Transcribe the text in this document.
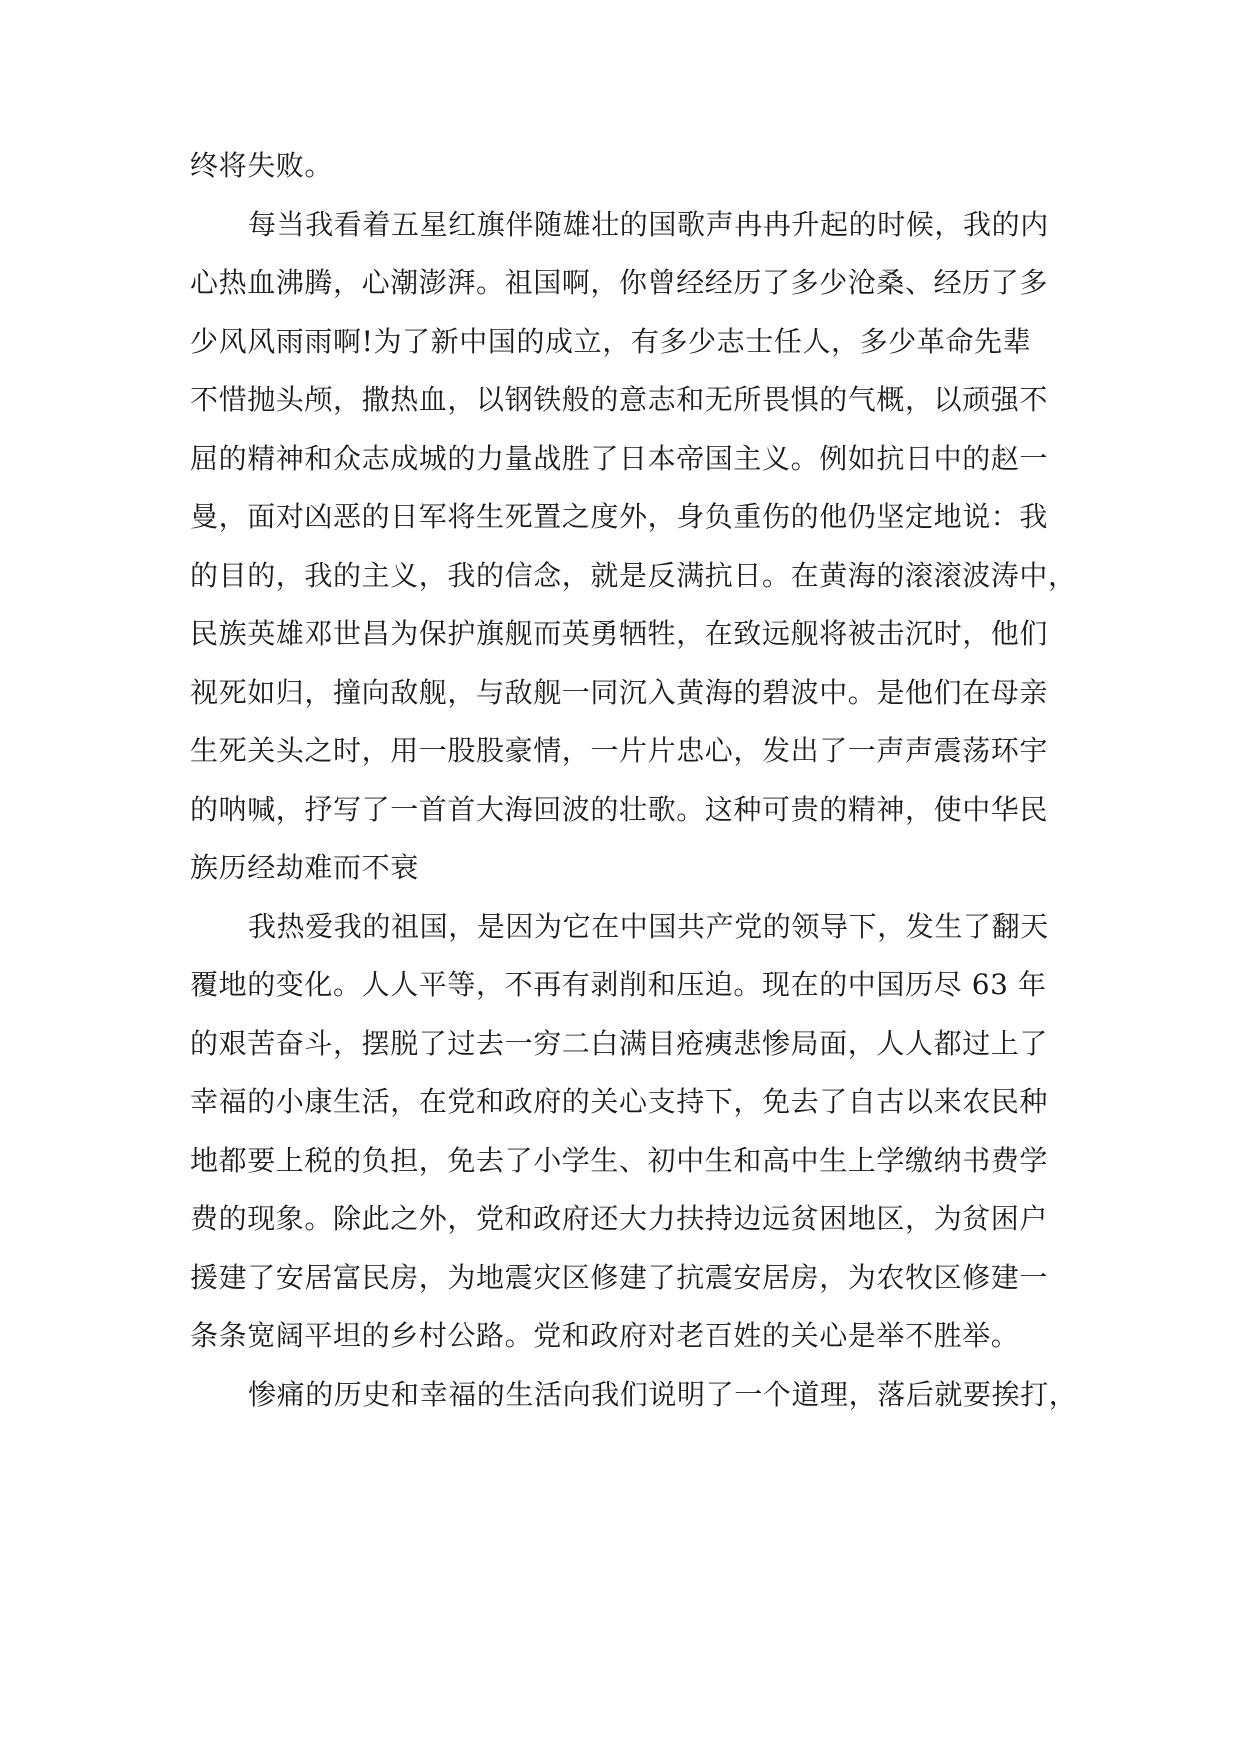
终将失败。

每当我看着五星红旗伴随雄壮的国歌声冉冉升起的时候，我的内

心热血沸腾，心潮澎湃。祖国啊，你曾经经历了多少沧桑、经历了多

少风风雨雨啊!为了新中国的成立，有多少志士任人，多少革命先辈

不惜抛头颅，撒热血，以钢铁般的意志和无所畏惧的气概，以顽强不

屈的精神和众志成城的力量战胜了日本帝国主义。例如抗日中的赵一

曼，面对凶恶的日军将生死置之度外，身负重伤的他仍坚定地说：我

的目的，我的主义，我的信念，就是反满抗日。在黄海的滚滚波涛中，

民族英雄邓世昌为保护旗舰而英勇牺牲，在致远舰将被击沉时，他们

视死如归，撞向敌舰，与敌舰一同沉入黄海的碧波中。是他们在母亲

生死关头之时，用一股股豪情，一片片忠心，发出了一声声震荡环宇

的呐喊，抒写了一首首大海回波的壮歌。这种可贵的精神，使中华民

族历经劫难而不衰

我热爱我的祖国，是因为它在中国共产党的领导下，发生了翻天

覆地的变化。人人平等，不再有剥削和压迫。现在的中国历尽 63 年

的艰苦奋斗，摆脱了过去一穷二白满目疮痍悲惨局面，人人都过上了

幸福的小康生活，在党和政府的关心支持下，免去了自古以来农民种

地都要上税的负担，免去了小学生、初中生和高中生上学缴纳书费学

费的现象。除此之外，党和政府还大力扶持边远贫困地区，为贫困户

援建了安居富民房，为地震灾区修建了抗震安居房，为农牧区修建一

条条宽阔平坦的乡村公路。党和政府对老百姓的关心是举不胜举。

惨痛的历史和幸福的生活向我们说明了一个道理，落后就要挨打，
